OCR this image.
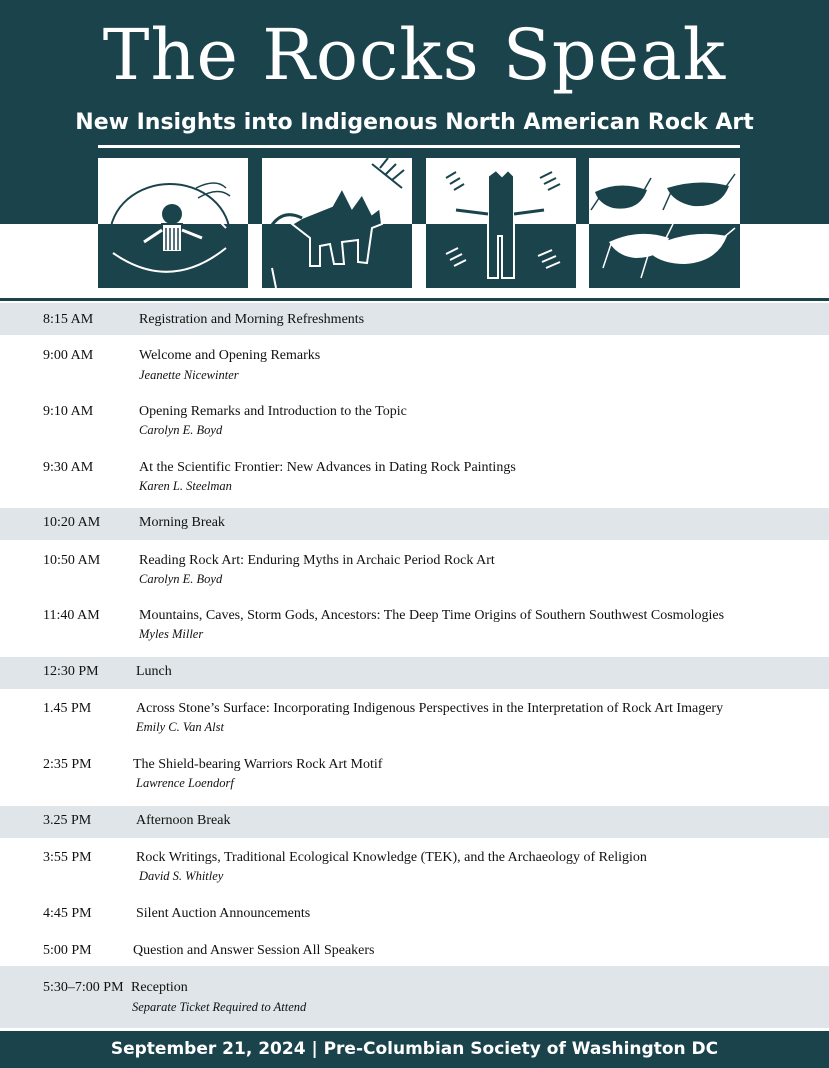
The Rocks Speak
New Insights into Indigenous North American Rock Art
8:15 AM	Registration and Morning Refreshments
9:00 AM	Welcome and Opening Remarks
Jeanette Nicewinter
9:10 AM	Opening Remarks and Introduction to the Topic
Carolyn E. Boyd
9:30 AM	At the Scientific Frontier: New Advances in Dating Rock Paintings
Karen L. Steelman
10:20 AM	Morning Break
10:50 AM	Reading Rock Art: Enduring Myths in Archaic Period Rock Art
Carolyn E. Boyd
11:40 AM	Mountains, Caves, Storm Gods, Ancestors: The Deep Time Origins of Southern Southwest Cosmologies
Myles Miller
12:30 PM	Lunch
1.45 PM	Across Stone’s Surface: Incorporating Indigenous Perspectives in the Interpretation of Rock Art Imagery
Emily C. Van Alst
2:35 PM	The Shield-bearing Warriors Rock Art Motif
Lawrence Loendorf
3.25 PM	Afternoon Break
3:55 PM	Rock Writings, Traditional Ecological Knowledge (TEK), and the Archaeology of Religion
David S. Whitley
4:45 PM	Silent Auction Announcements
5:00 PM	Question and Answer Session All Speakers
5:30–7:00 PM Reception
Separate Ticket Required to Attend
September 21, 2024 | Pre-Columbian Society of Washington DC
